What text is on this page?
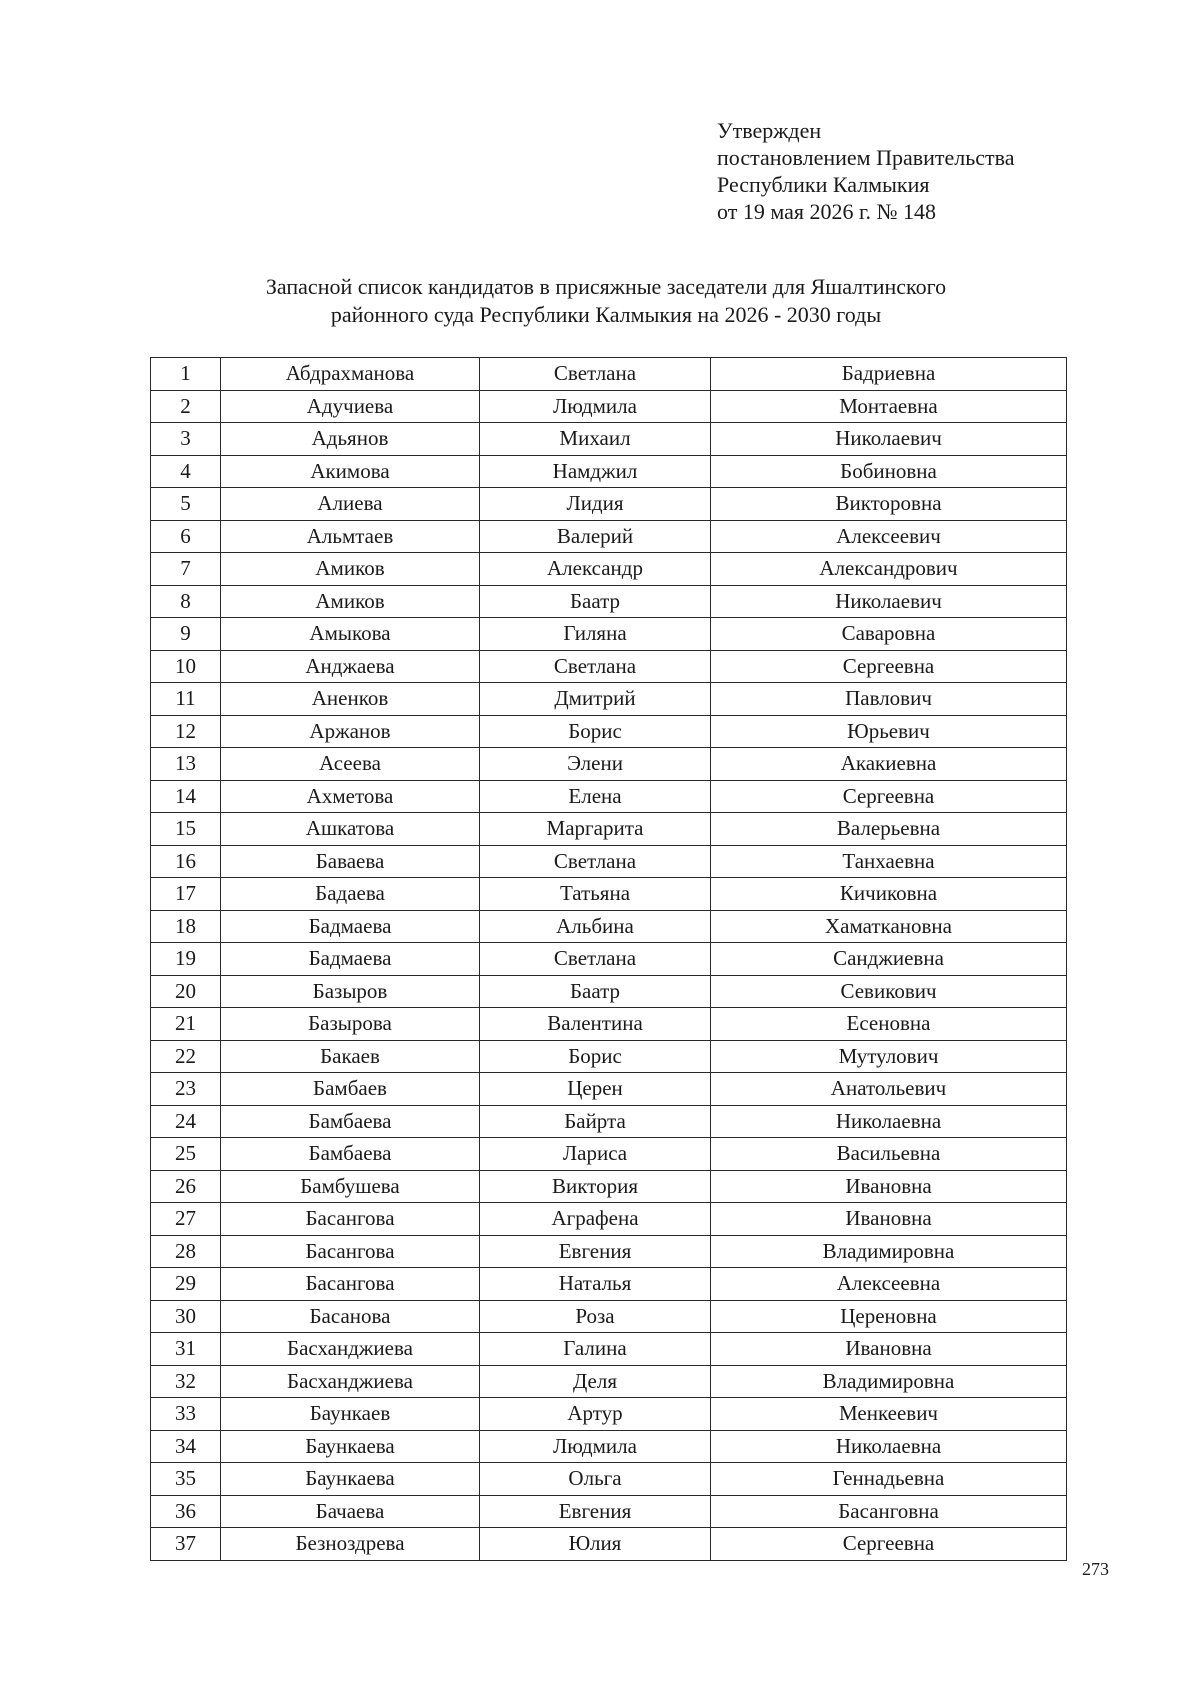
Утвержден
постановлением Правительства
Республики Калмыкия
от 19 мая 2026 г. № 148
Запасной список кандидатов в присяжные заседатели для Яшалтинского
районного суда Республики Калмыкия на 2026 - 2030 годы
1	Абдрахманова	Светлана	Бадриевна
2	Адучиева	Людмила	Монтаевна
3	Адьянов	Михаил	Николаевич
4	Акимова	Намджил	Бобиновна
5	Алиева	Лидия	Викторовна
6	Альмтаев	Валерий	Алексеевич
7	Амиков	Александр	Александрович
8	Амиков	Баатр	Николаевич
9	Амыкова	Гиляна	Саваровна
10	Анджаева	Светлана	Сергеевна
11	Аненков	Дмитрий	Павлович
12	Аржанов	Борис	Юрьевич
13	Асеева	Элени	Акакиевна
14	Ахметова	Елена	Сергеевна
15	Ашкатова	Маргарита	Валерьевна
16	Баваева	Светлана	Танхаевна
17	Бадаева	Татьяна	Кичиковна
18	Бадмаева	Альбина	Хаматкановна
19	Бадмаева	Светлана	Санджиевна
20	Базыров	Баатр	Севикович
21	Базырова	Валентина	Есеновна
22	Бакаев	Борис	Мутулович
23	Бамбаев	Церен	Анатольевич
24	Бамбаева	Байрта	Николаевна
25	Бамбаева	Лариса	Васильевна
26	Бамбушева	Виктория	Ивановна
27	Басангова	Аграфена	Ивановна
28	Басангова	Евгения	Владимировна
29	Басангова	Наталья	Алексеевна
30	Басанова	Роза	Цереновна
31	Басханджиева	Галина	Ивановна
32	Басханджиева	Деля	Владимировна
33	Баункаев	Артур	Менкеевич
34	Баункаева	Людмила	Николаевна
35	Баункаева	Ольга	Геннадьевна
36	Бачаева	Евгения	Басанговна
37	Безноздрева	Юлия	Сергеевна
273
